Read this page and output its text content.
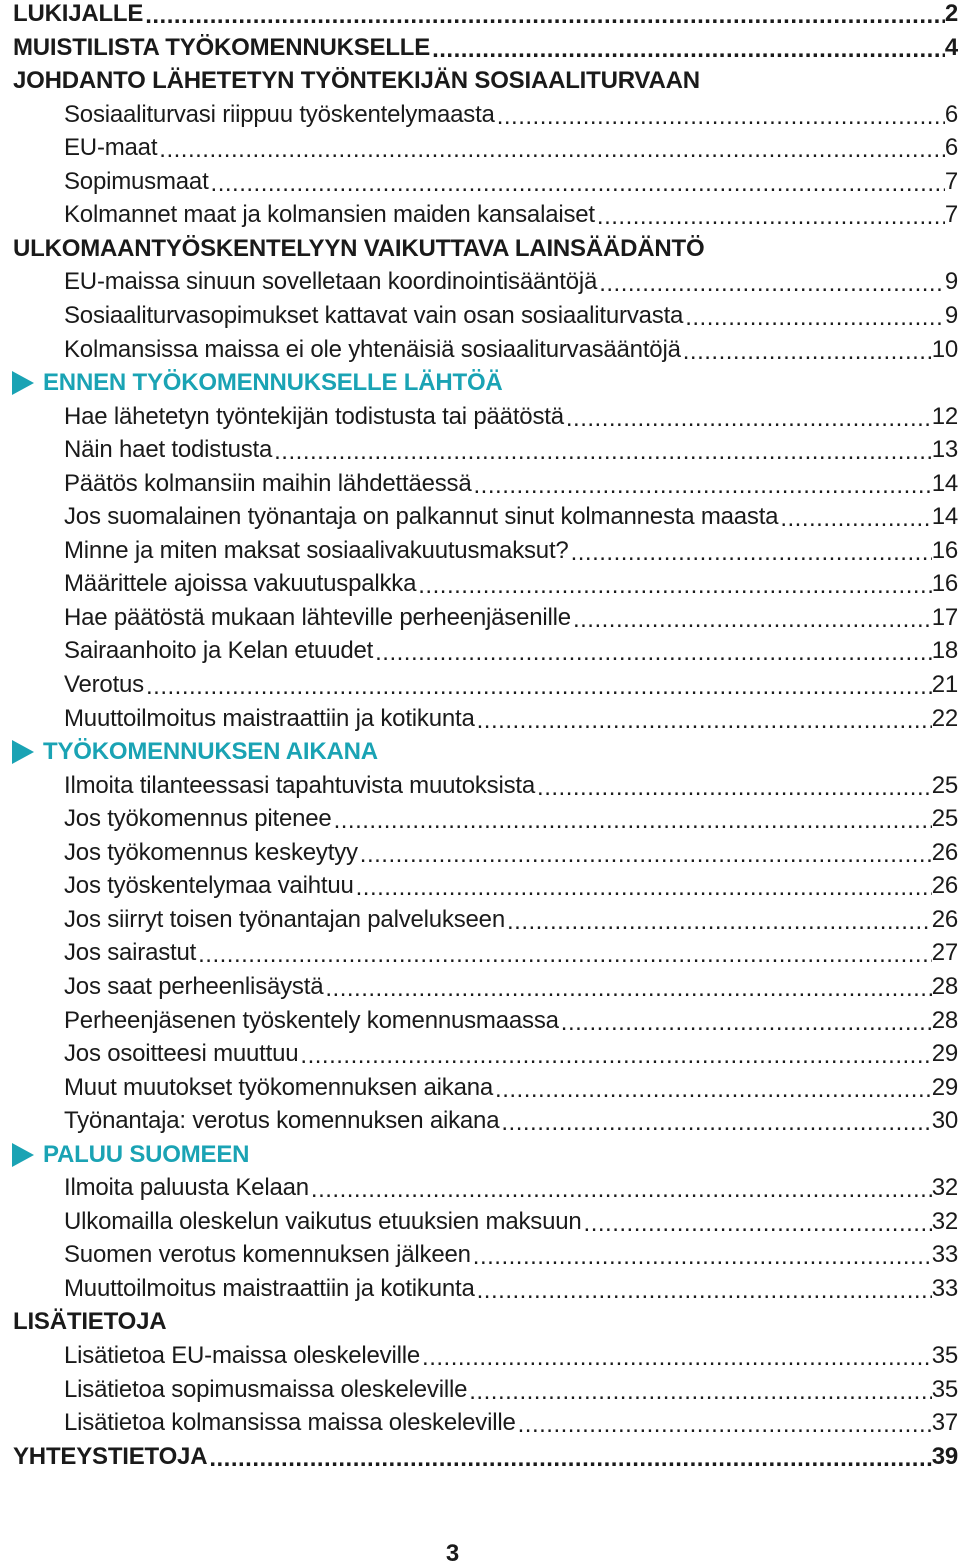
LUKIJALLE .....	2
MUISTILISTA TYÖKOMENNUKSELLE .....	4
JOHDANTO LÄHETETYN TYÖNTEKIJÄN SOSIAALITURVAAN
Sosiaaliturvasi riippuu työskentelymaasta .....	6
EU-maat .....	6
Sopimusmaat .....	7
Kolmannet maat ja kolmansien maiden kansalaiset .....	7
ULKOMAANTYÖSKENTELYYN VAIKUTTAVA LAINSÄÄDÄNTÖ
EU-maissa sinuun sovelletaan koordinointisääntöjä .....	9
Sosiaaliturvasopimukset kattavat vain osan sosiaaliturvasta .....	9
Kolmansissa maissa ei ole yhtenäisiä sosiaaliturvasääntöjä .....	10
ENNEN TYÖKOMENNUKSELLE LÄHTÖÄ
Hae lähetetyn työntekijän todistusta tai päätöstä .....	12
Näin haet todistusta .....	13
Päätös kolmansiin maihin lähdettäessä .....	14
Jos suomalainen työnantaja on palkannut sinut kolmannesta maasta .....	14
Minne ja miten maksat sosiaalivakuutusmaksut? .....	16
Määrittele ajoissa vakuutuspalkka .....	16
Hae päätöstä mukaan lähteville perheenjäsenille .....	17
Sairaanhoito ja Kelan etuudet .....	18
Verotus .....	21
Muuttoilmoitus maistraattiin ja kotikunta .....	22
TYÖKOMENNUKSEN AIKANA
Ilmoita tilanteessasi tapahtuvista muutoksista .....	25
Jos työkomennus pitenee .....	25
Jos työkomennus keskeytyy .....	26
Jos työskentelymaa vaihtuu .....	26
Jos siirryt toisen työnantajan palvelukseen .....	26
Jos sairastut .....	27
Jos saat perheenlisäystä .....	28
Perheenjäsenen työskentely komennusmaassa .....	28
Jos osoitteesi muuttuu .....	29
Muut muutokset työkomennuksen aikana .....	29
Työnantaja: verotus komennuksen aikana .....	30
PALUU SUOMEEN
Ilmoita paluusta Kelaan .....	32
Ulkomailla oleskelun vaikutus etuuksien maksuun .....	32
Suomen verotus komennuksen jälkeen .....	33
Muuttoilmoitus maistraattiin ja kotikunta .....	33
LISÄTIETOJA
Lisätietoa EU-maissa oleskeleville .....	35
Lisätietoa sopimusmaissa oleskeleville .....	35
Lisätietoa kolmansissa maissa oleskeleville .....	37
YHTEYSTIETOJA .....	39
3
